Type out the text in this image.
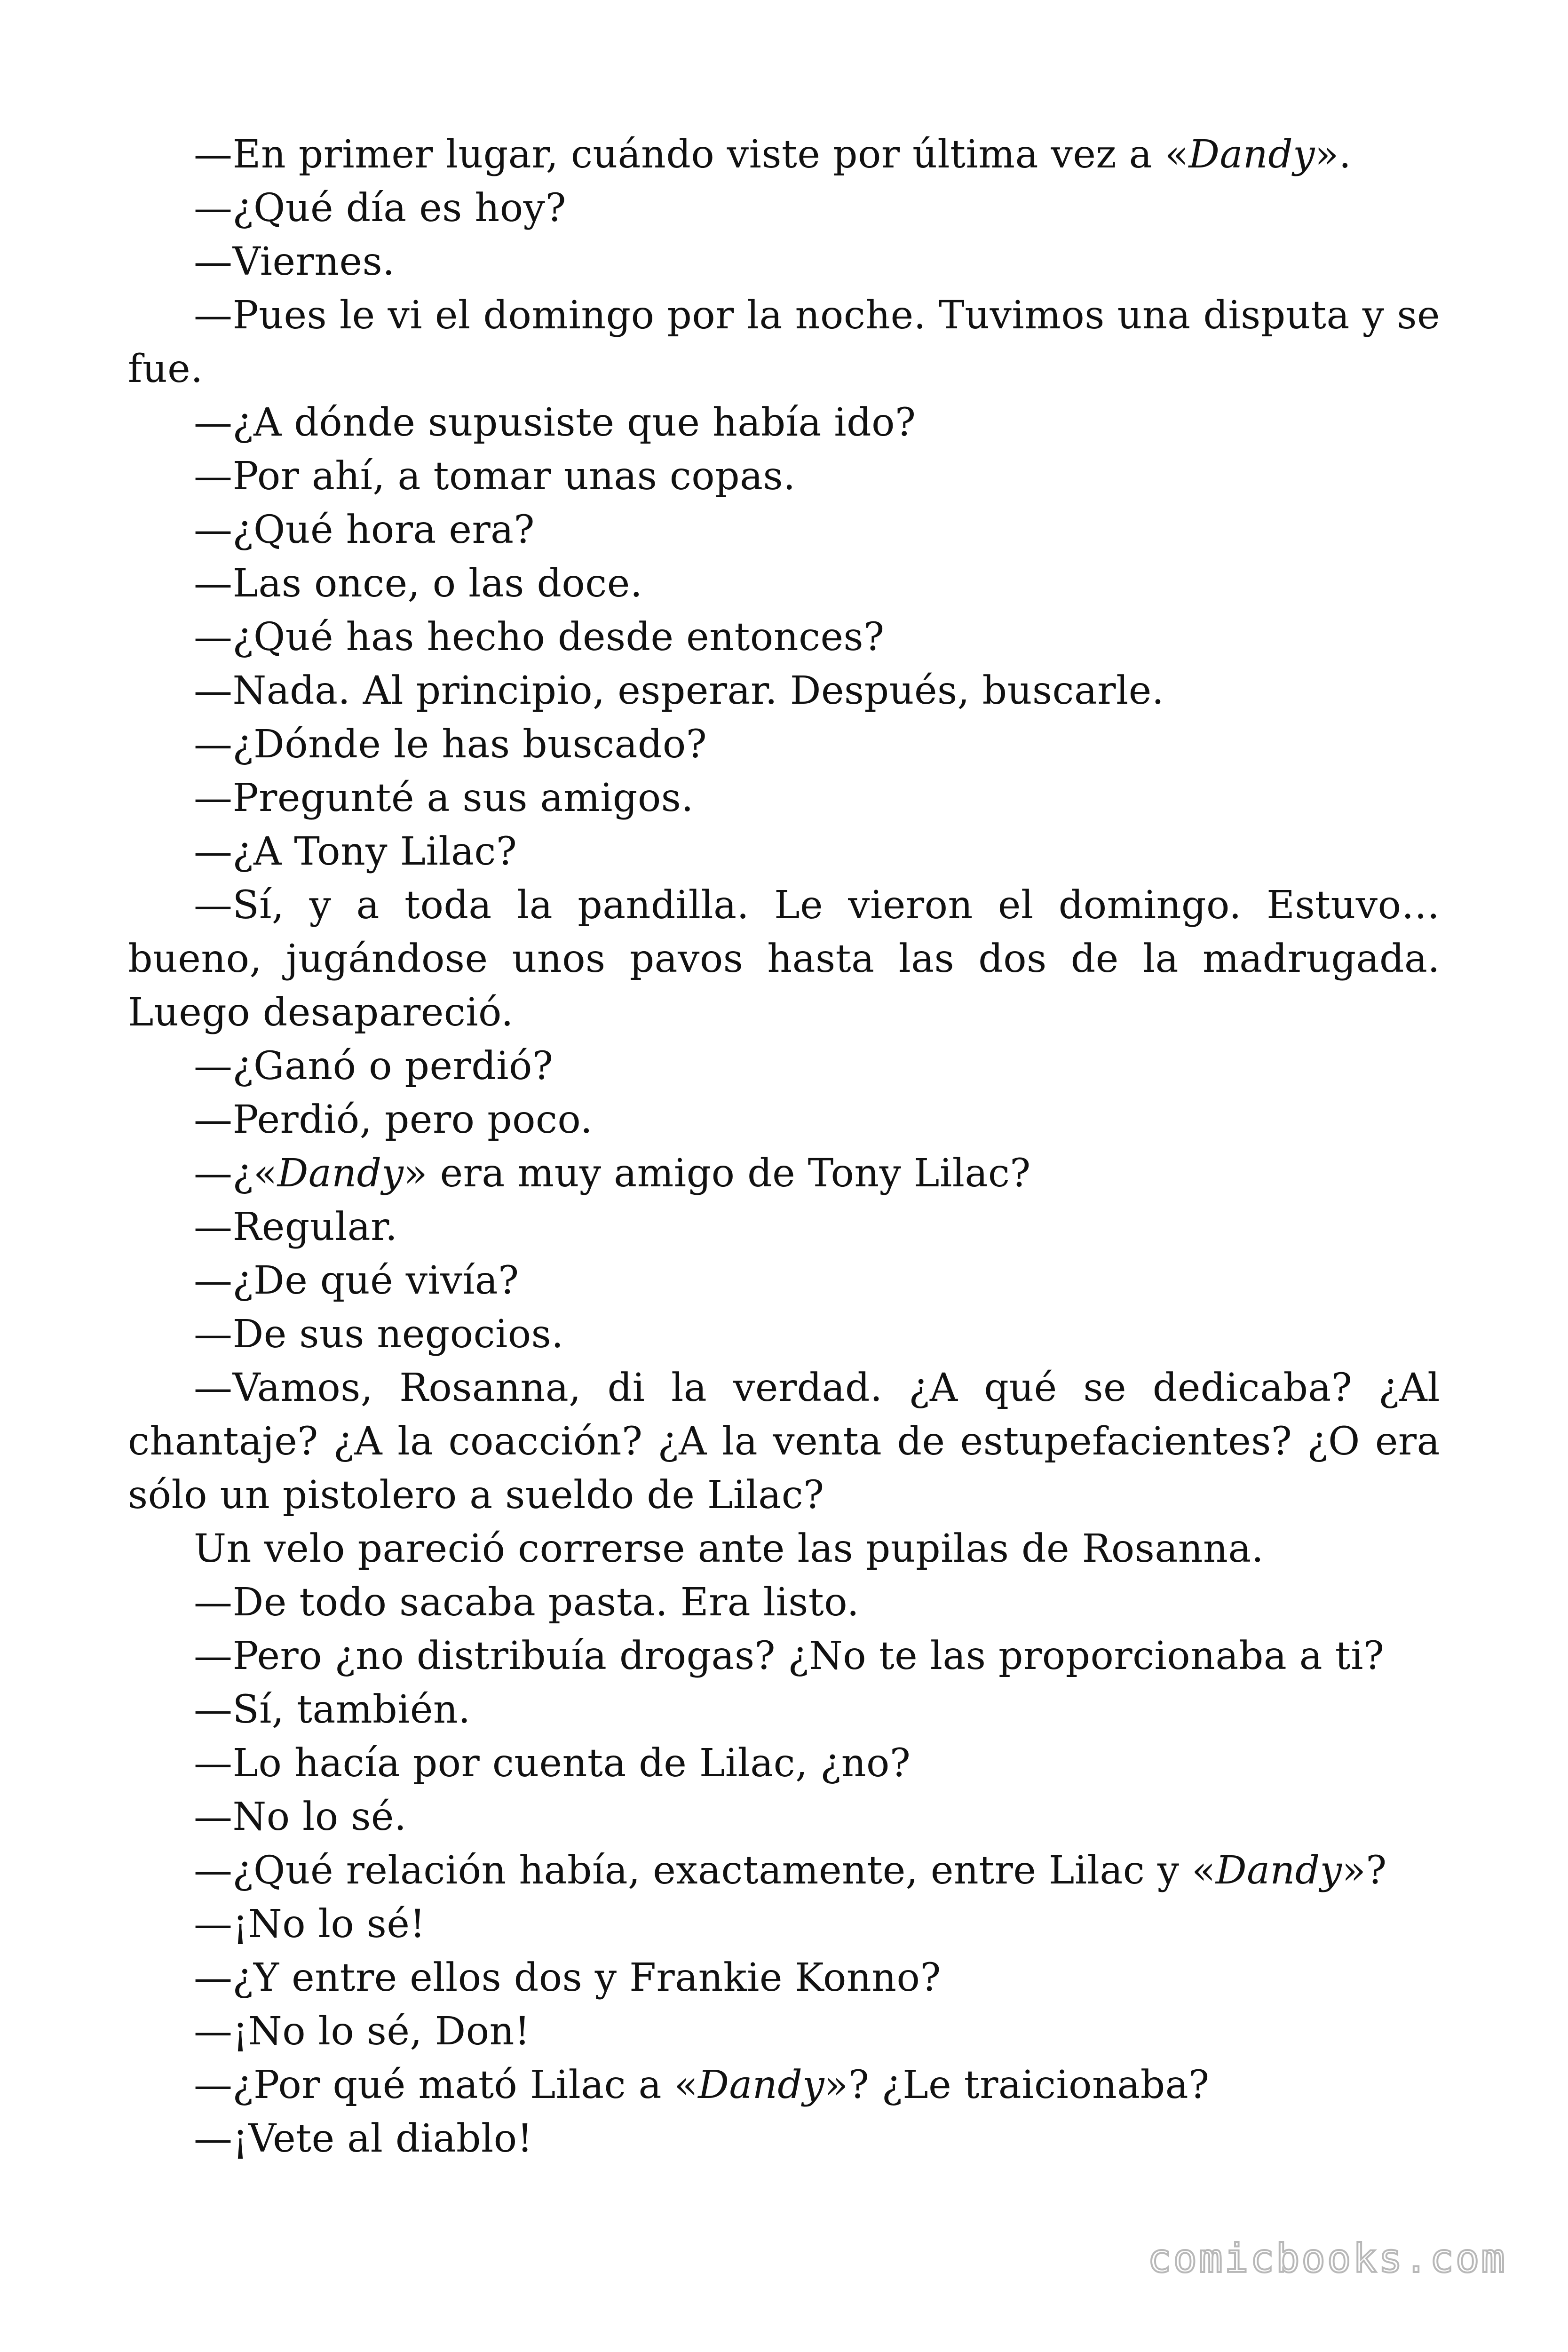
—En primer lugar, cuándo viste por última vez a «Dandy».

—¿Qué día es hoy?

—Viernes.

—Pues le vi el domingo por la noche. Tuvimos una disputa y se fue.

—¿A dónde supusiste que había ido?

—Por ahí, a tomar unas copas.

—¿Qué hora era?

—Las once, o las doce.

—¿Qué has hecho desde entonces?

—Nada. Al principio, esperar. Después, buscarle.

—¿Dónde le has buscado?

—Pregunté a sus amigos.

—¿A Tony Lilac?

—Sí, y a toda la pandilla. Le vieron el domingo. Estuvo… bueno, jugándose unos pavos hasta las dos de la madrugada. Luego desapareció.

—¿Ganó o perdió?

—Perdió, pero poco.

—¿«Dandy» era muy amigo de Tony Lilac?

—Regular.

—¿De qué vivía?

—De sus negocios.

—Vamos, Rosanna, di la verdad. ¿A qué se dedicaba? ¿Al chantaje? ¿A la coacción? ¿A la venta de estupefacientes? ¿O era sólo un pistolero a sueldo de Lilac?

Un velo pareció correrse ante las pupilas de Rosanna.

—De todo sacaba pasta. Era listo.

—Pero ¿no distribuía drogas? ¿No te las proporcionaba a ti?

—Sí, también.

—Lo hacía por cuenta de Lilac, ¿no?

—No lo sé.

—¿Qué relación había, exactamente, entre Lilac y «Dandy»?

—¡No lo sé!

—¿Y entre ellos dos y Frankie Konno?

—¡No lo sé, Don!

—¿Por qué mató Lilac a «Dandy»? ¿Le traicionaba?

—¡Vete al diablo!

comicbooks.com
